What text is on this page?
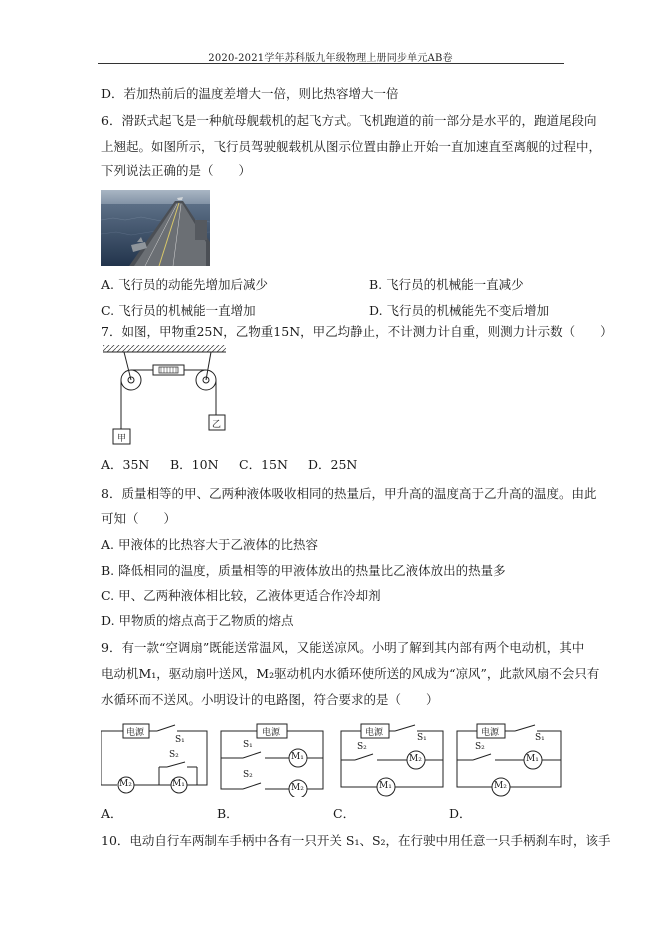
2020-2021学年苏科版九年级物理上册同步单元AB卷
D．若加热前后的温度差增大一倍，则比热容增大一倍
6．滑跃式起飞是一种航母舰载机的起飞方式。飞机跑道的前一部分是水平的，跑道尾段向
上翘起。如图所示，飞行员驾驶舰载机从图示位置由静止开始一直加速直至离舰的过程中，
下列说法正确的是（　　）
A. 飞行员的动能先增加后减少	B. 飞行员的机械能一直减少
C. 飞行员的机械能一直增加	D. 飞行员的机械能先不变后增加
7．如图，甲物重25N，乙物重15N，甲乙均静止，不计测力计自重，则测力计示数（　　）
甲
乙
A．35N B．10N C．15N D．25N
8．质量相等的甲、乙两种液体吸收相同的热量后，甲升高的温度高于乙升高的温度。由此
可知（　　）
A. 甲液体的比热容大于乙液体的比热容
B. 降低相同的温度，质量相等的甲液体放出的热量比乙液体放出的热量多
C. 甲、乙两种液体相比较，乙液体更适合作冷却剂
D. 甲物质的熔点高于乙物质的熔点
9．有一款“空调扇”既能送常温风，又能送凉风。小明了解到其内部有两个电动机，其中
电动机M₁，驱动扇叶送风，M₂驱动机内水循环使所送的风成为“凉风”，此款风扇不会只有
水循环而不送风。小明设计的电路图，符合要求的是（　　）
电源
S₁
S₂
M₂	M₁
电源
S₁
S₂
M₁
M₂
电源	S₁
S₂
M₂
M₁
电源	S₁
S₂
M₁
M₂
A．	B．	C．	D．
10．电动自行车两制车手柄中各有一只开关 S₁、S₂，在行驶中用任意一只手柄刹车时，该手
